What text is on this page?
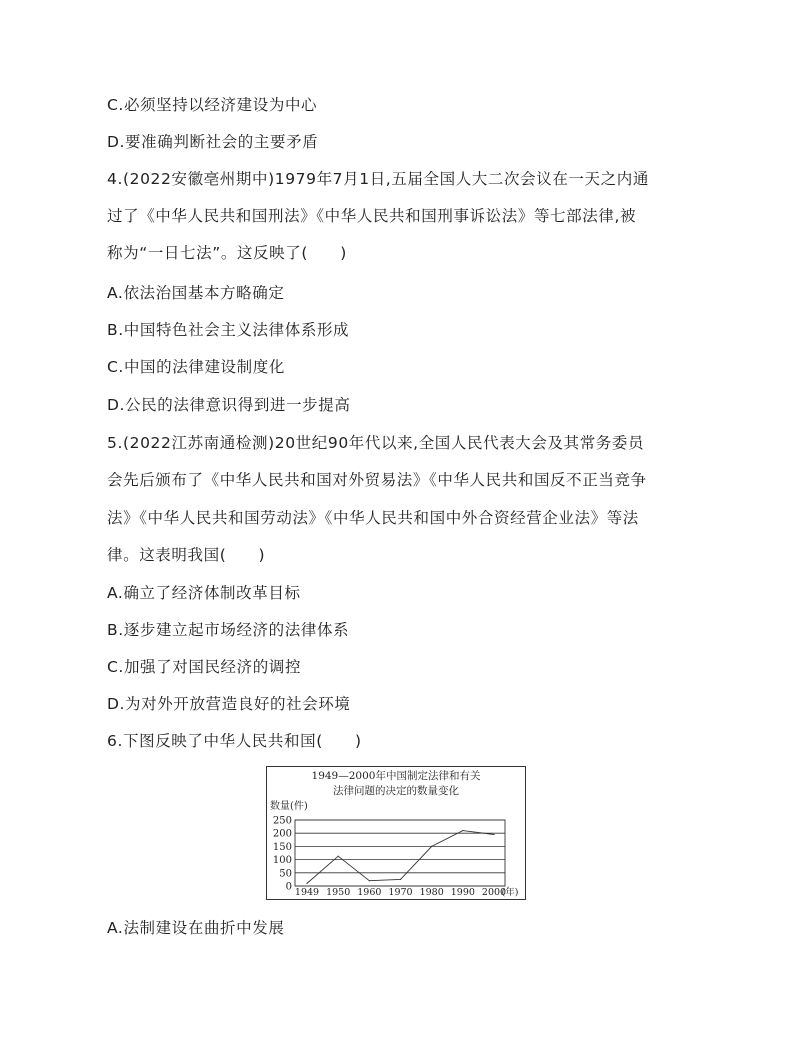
C.必须坚持以经济建设为中心
D.要准确判断社会的主要矛盾
4.(2022安徽亳州期中)1979年7月1日,五届全国人大二次会议在一天之内通
过了《中华人民共和国刑法》《中华人民共和国刑事诉讼法》等七部法律,被
称为“一日七法”。这反映了(　　)
A.依法治国基本方略确定
B.中国特色社会主义法律体系形成
C.中国的法律建设制度化
D.公民的法律意识得到进一步提高
5.(2022江苏南通检测)20世纪90年代以来,全国人民代表大会及其常务委员
会先后颁布了《中华人民共和国对外贸易法》《中华人民共和国反不正当竞争
法》《中华人民共和国劳动法》《中华人民共和国中外合资经营企业法》等法
律。这表明我国(　　)
A.确立了经济体制改革目标
B.逐步建立起市场经济的法律体系
C.加强了对国民经济的调控
D.为对外开放营造良好的社会环境
6.下图反映了中华人民共和国(　　)
A.法制建设在曲折中发展
1949—2000年中国制定法律和有关
法律问题的决定的数量变化
数量(件)
0
50
100
150
200
250
1949 1950 1960 1970 1980 1990 2000
(年)
